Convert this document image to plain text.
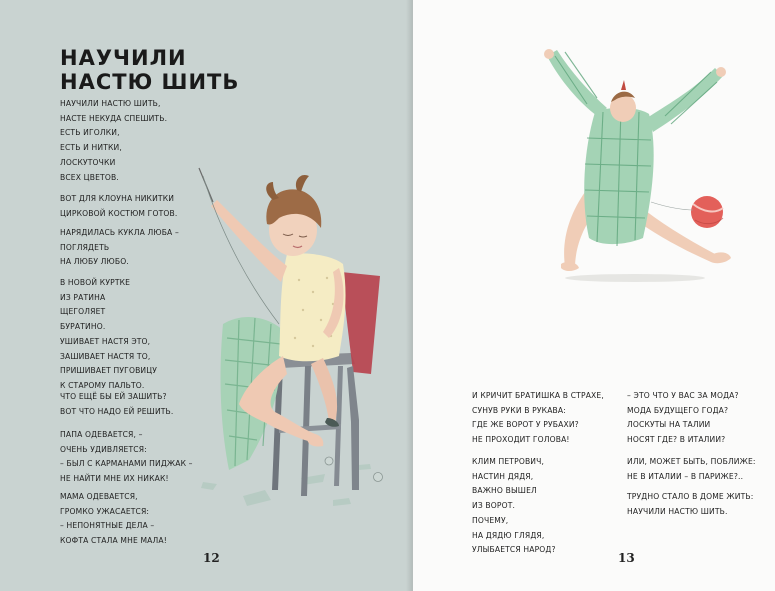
НАУЧИЛИ
НАСТЮ ШИТЬ
НАУЧИЛИ НАСТЮ ШИТЬ,
НАСТЕ НЕКУДА СПЕШИТЬ.
ЕСТЬ ИГОЛКИ,
ЕСТЬ И НИТКИ,
ЛОСКУТОЧКИ
ВСЕХ ЦВЕТОВ.
ВОТ ДЛЯ КЛОУНА НИКИТКИ
ЦИРКОВОЙ КОСТЮМ ГОТОВ.
НАРЯДИЛАСЬ КУКЛА ЛЮБА –
ПОГЛЯДЕТЬ
НА ЛЮБУ ЛЮБО.
В НОВОЙ КУРТКЕ
ИЗ РАТИНА
ЩЕГОЛЯЕТ
БУРАТИНО.
УШИВАЕТ НАСТЯ ЭТО,
ЗАШИВАЕТ НАСТЯ ТО,
ПРИШИВАЕТ ПУГОВИЦУ
К СТАРОМУ ПАЛЬТО.
ЧТО ЕЩЁ БЫ ЕЙ ЗАШИТЬ?
ВОТ ЧТО НАДО ЕЙ РЕШИТЬ.
ПАПА ОДЕВАЕТСЯ, –
ОЧЕНЬ УДИВЛЯЕТСЯ:
– БЫЛ С КАРМАНАМИ ПИДЖАК –
НЕ НАЙТИ МНЕ ИХ НИКАК!
МАМА ОДЕВАЕТСЯ,
ГРОМКО УЖАСАЕТСЯ:
– НЕПОНЯТНЫЕ ДЕЛА –
КОФТА СТАЛА МНЕ МАЛА!
12
И КРИЧИТ БРАТИШКА В СТРАХЕ,
СУНУВ РУКИ В РУКАВА:
ГДЕ ЖЕ ВОРОТ У РУБАХИ?
НЕ ПРОХОДИТ ГОЛОВА!
КЛИМ ПЕТРОВИЧ,
НАСТИН ДЯДЯ,
ВАЖНО ВЫШЕЛ
ИЗ ВОРОТ.
ПОЧЕМУ,
НА ДЯДЮ ГЛЯДЯ,
УЛЫБАЕТСЯ НАРОД?
– ЭТО ЧТО У ВАС ЗА МОДА?
МОДА БУДУЩЕГО ГОДА?
ЛОСКУТЫ НА ТАЛИИ
НОСЯТ ГДЕ? В ИТАЛИИ?
ИЛИ, МОЖЕТ БЫТЬ, ПОБЛИЖЕ:
НЕ В ИТАЛИИ – В ПАРИЖЕ?..
ТРУДНО СТАЛО В ДОМЕ ЖИТЬ:
НАУЧИЛИ НАСТЮ ШИТЬ.
13
